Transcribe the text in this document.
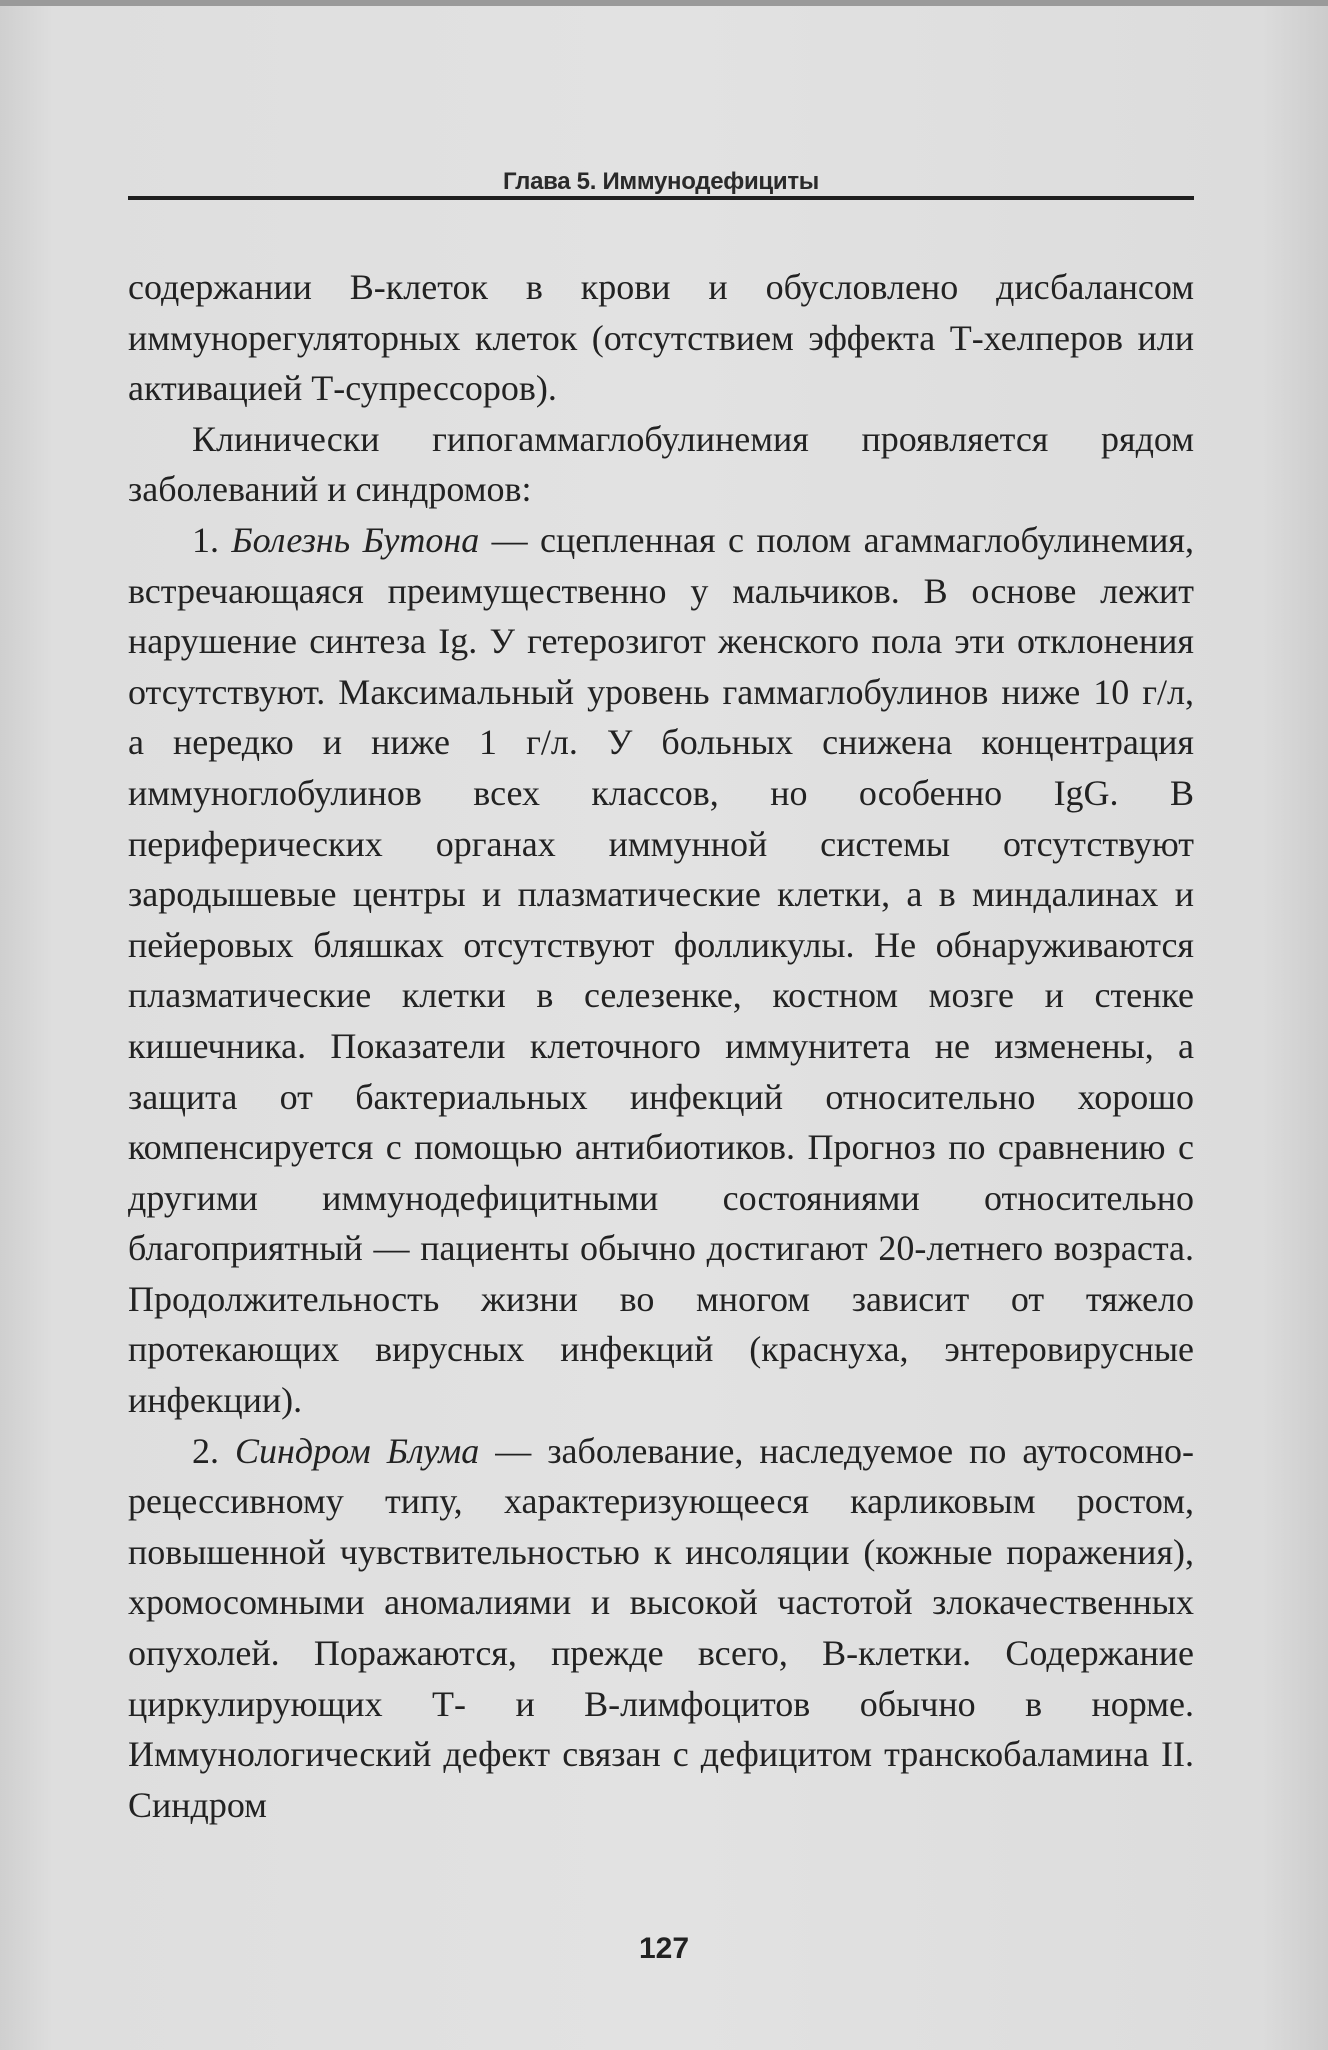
Глава 5. Иммунодефициты

содержании B-клеток в крови и обусловлено дисбалансом иммунорегуляторных клеток (отсутствием эффекта Т-хелперов или активацией Т-супрессоров).

Клинически гипогаммаглобулинемия проявляется рядом заболеваний и синдромов:

1. Болезнь Бутона — сцепленная с полом агаммаглобулинемия, встречающаяся преимущественно у мальчиков. В основе лежит нарушение синтеза Ig. У гетерозигот женского пола эти отклонения отсутствуют. Максимальный уровень гаммаглобулинов ниже 10 г/л, а нередко и ниже 1 г/л. У больных снижена концентрация иммуноглобулинов всех классов, но особенно IgG. В периферических органах иммунной системы отсутствуют зародышевые центры и плазматические клетки, а в миндалинах и пейеровых бляшках отсутствуют фолликулы. Не обнаруживаются плазматические клетки в селезенке, костном мозге и стенке кишечника. Показатели клеточного иммунитета не изменены, а защита от бактериальных инфекций относительно хорошо компенсируется с помощью антибиотиков. Прогноз по сравнению с другими иммунодефицитными состояниями относительно благоприятный — пациенты обычно достигают 20-летнего возраста. Продолжительность жизни во многом зависит от тяжело протекающих вирусных инфекций (краснуха, энтеровирусные инфекции).

2. Синдром Блума — заболевание, наследуемое по аутосомно-рецессивному типу, характеризующееся карликовым ростом, повышенной чувствительностью к инсоляции (кожные поражения), хромосомными аномалиями и высокой частотой злокачественных опухолей. Поражаются, прежде всего, B-клетки. Содержание циркулирующих Т- и B-лимфоцитов обычно в норме. Иммунологический дефект связан с дефицитом транскобаламина II. Синдром

127
